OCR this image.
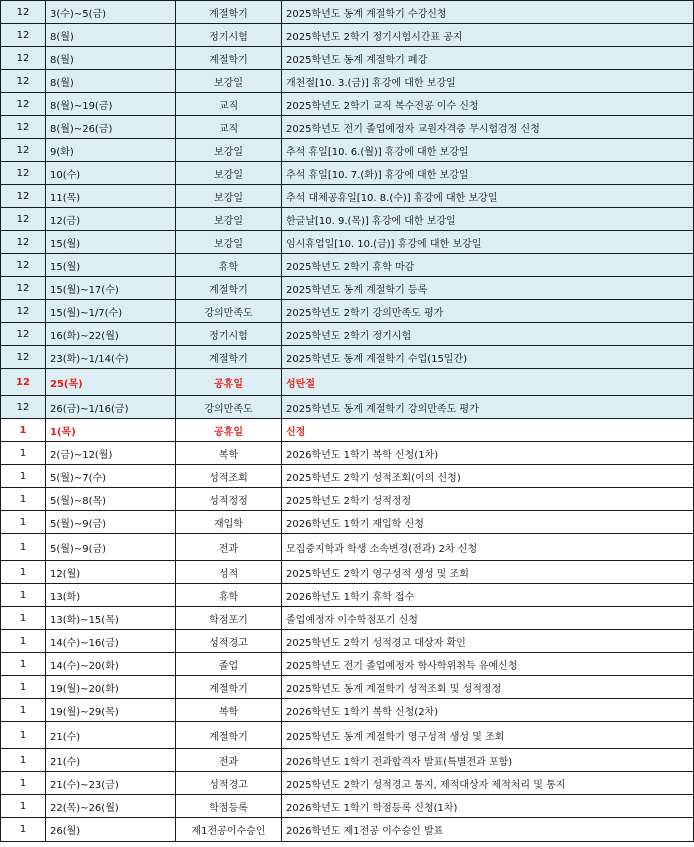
12	3(수)~5(금)	계절학기	2025학년도 동계 계절학기 수강신청
12	8(월)	정기시험	2025학년도 2학기 정기시험시간표 공지
12	8(월)	계절학기	2025학년도 동계 계절학기 폐강
12	8(월)	보강일	개천절[10. 3.(금)] 휴강에 대한 보강일
12	8(월)~19(금)	교직	2025학년도 2학기 교직 복수전공 이수 신청
12	8(월)~26(금)	교직	2025학년도 전기 졸업예정자 교원자격증 무시험검정 신청
12	9(화)	보강일	추석 휴일[10. 6.(월)] 휴강에 대한 보강일
12	10(수)	보강일	추석 휴일[10. 7.(화)] 휴강에 대한 보강일
12	11(목)	보강일	추석 대체공휴일[10. 8.(수)] 휴강에 대한 보강일
12	12(금)	보강일	한글날[10. 9.(목)] 휴강에 대한 보강일
12	15(월)	보강일	임시휴업일[10. 10.(금)] 휴강에 대한 보강일
12	15(월)	휴학	2025학년도 2학기 휴학 마감
12	15(월)~17(수)	계절학기	2025학년도 동계 계절학기 등록
12	15(월)~1/7(수)	강의만족도	2025학년도 2학기 강의만족도 평가
12	16(화)~22(월)	정기시험	2025학년도 2학기 정기시험
12	23(화)~1/14(수)	계절학기	2025학년도 동계 계절학기 수업(15일간)
12	25(목)	공휴일	성탄절
12	26(금)~1/16(금)	강의만족도	2025학년도 동계 계절학기 강의만족도 평가
1	1(목)	공휴일	신정
1	2(금)~12(월)	복학	2026학년도 1학기 복학 신청(1차)
1	5(월)~7(수)	성적조회	2025학년도 2학기 성적조회(이의 신청)
1	5(월)~8(목)	성적정정	2025학년도 2학기 성적정정
1	5(월)~9(금)	재입학	2026학년도 1학기 재입학 신청
1	5(월)~9(금)	전과	모집중지학과 학생 소속변경(전과) 2차 신청
1	12(월)	성적	2025학년도 2학기 영구성적 생성 및 조회
1	13(화)	휴학	2026학년도 1학기 휴학 접수
1	13(화)~15(목)	학점포기	졸업예정자 이수학점포기 신청
1	14(수)~16(금)	성적경고	2025학년도 2학기 성적경고 대상자 확인
1	14(수)~20(화)	졸업	2025학년도 전기 졸업예정자 학사학위취득 유예신청
1	19(월)~20(화)	계절학기	2025학년도 동계 계절학기 성적조회 및 성적정정
1	19(월)~29(목)	복학	2026학년도 1학기 복학 신청(2차)
1	21(수)	계절학기	2025학년도 동계 계절학기 영구성적 생성 및 조회
1	21(수)	전과	2026학년도 1학기 전과합격자 발표(특별전과 포함)
1	21(수)~23(금)	성적경고	2025학년도 2학기 성적경고 통지, 제적대상자 제적처리 및 통지
1	22(목)~26(월)	학점등록	2026학년도 1학기 학점등록 신청(1차)
1	26(월)	제1전공이수승인	2026학년도 제1전공 이수승인 발표
